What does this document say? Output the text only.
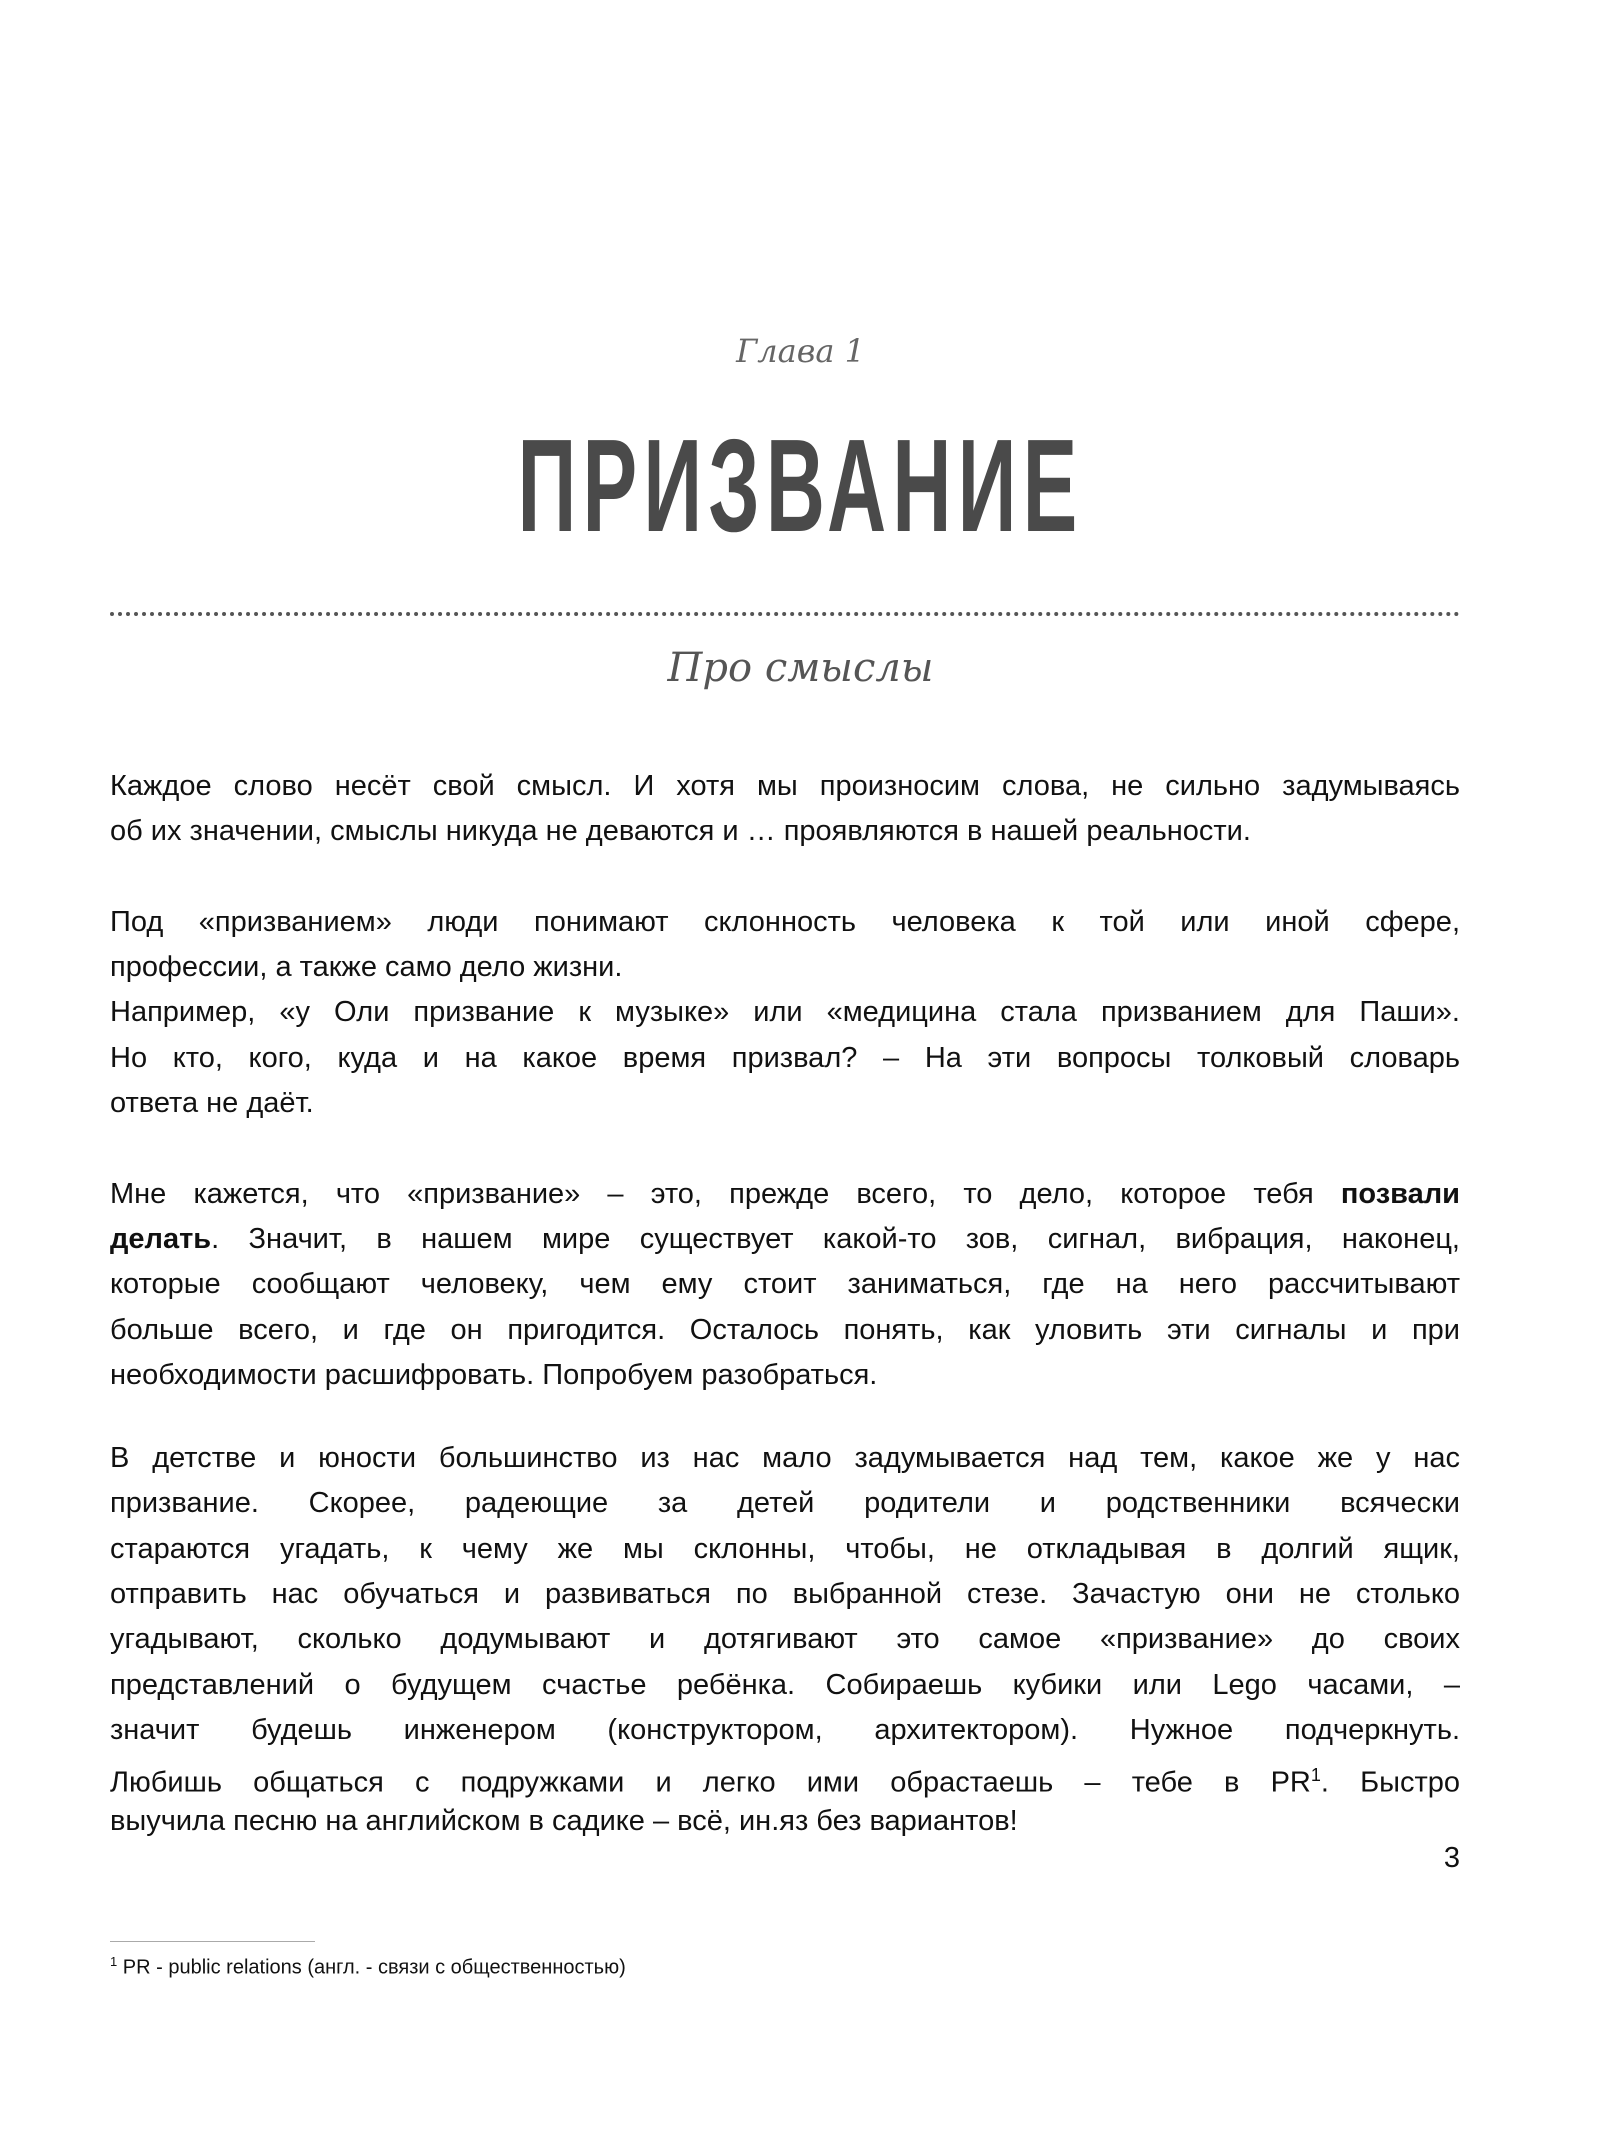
Глава 1
ПРИЗВАНИЕ
Про смыслы
Каждое слово несёт свой смысл. И хотя мы произносим слова, не сильно задумываясь
об их значении, смыслы никуда не деваются и … проявляются в нашей реальности.
Под «призванием» люди понимают склонность человека к той или иной сфере,
профессии, а также само дело жизни.
Например, «у Оли призвание к музыке» или «медицина стала призванием для Паши».
Но кто, кого, куда и на какое время призвал? – На эти вопросы толковый словарь
ответа не даёт.
Мне кажется, что «призвание» – это, прежде всего, то дело, которое тебя позвали
делать. Значит, в нашем мире существует какой-то зов, сигнал, вибрация, наконец,
которые сообщают человеку, чем ему стоит заниматься, где на него рассчитывают
больше всего, и где он пригодится. Осталось понять, как уловить эти сигналы и при
необходимости расшифровать. Попробуем разобраться.
В детстве и юности большинство из нас мало задумывается над тем, какое же у нас
призвание. Скорее, радеющие за детей родители и родственники всячески
стараются угадать, к чему же мы склонны, чтобы, не откладывая в долгий ящик,
отправить нас обучаться и развиваться по выбранной стезе. Зачастую они не столько
угадывают, сколько додумывают и дотягивают это самое «призвание» до своих
представлений о будущем счастье ребёнка. Собираешь кубики или Lego часами, –
значит будешь инженером (конструктором, архитектором). Нужное подчеркнуть.
Любишь общаться с подружками и легко ими обрастаешь – тебе в $PR^1$. Быстро
выучила песню на английском в садике – всё, ин.яз без вариантов!
3
$^1$ PR - public relations (англ. - связи с общественностью)
